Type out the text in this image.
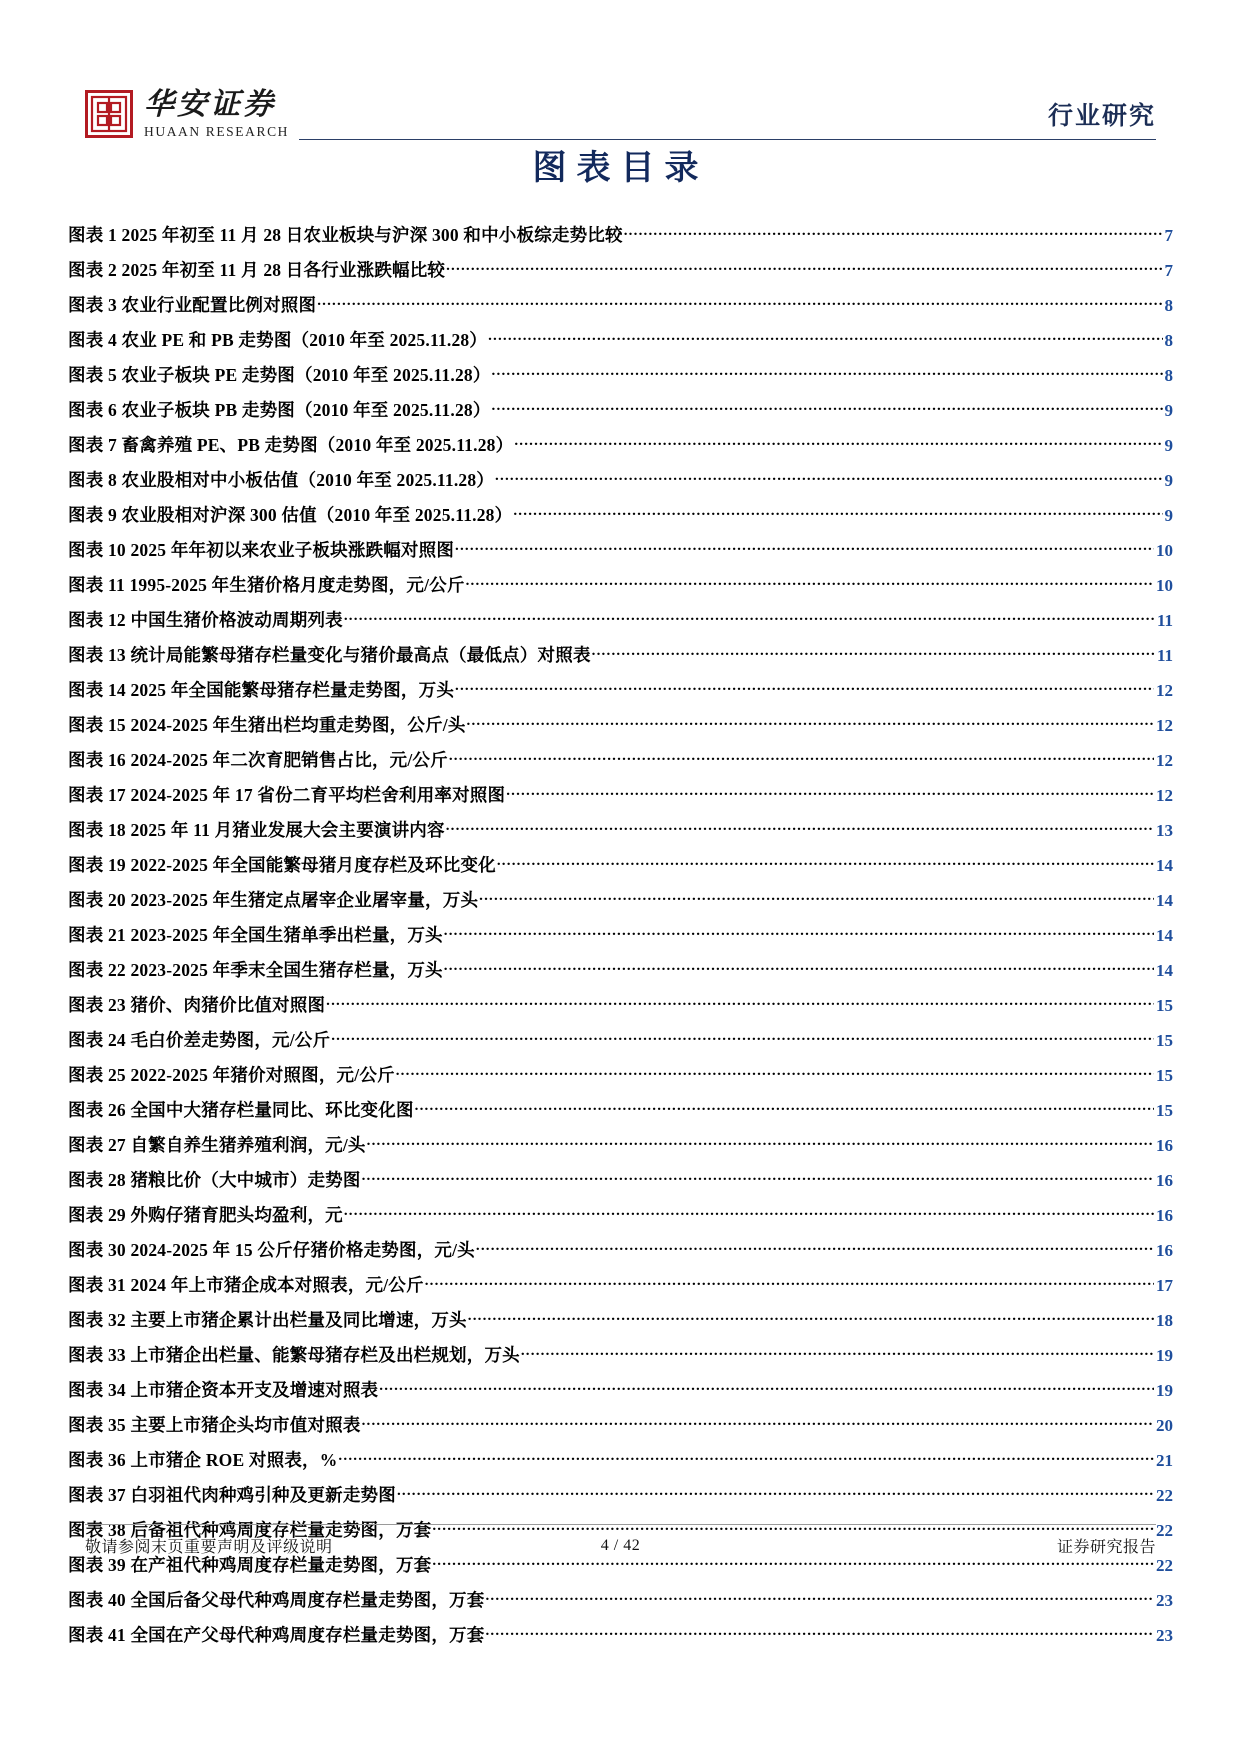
华安证券
HUAAN RESEARCH
行业研究
图表目录
图表 1 2025 年初至 11 月 28 日农业板块与沪深 300 和中小板综走势比较 .....	7
图表 2 2025 年初至 11 月 28 日各行业涨跌幅比较 .....	7
图表 3 农业行业配置比例对照图 .....	8
图表 4 农业 PE 和 PB 走势图（2010 年至 2025.11.28） .....	8
图表 5 农业子板块 PE 走势图（2010 年至 2025.11.28） .....	8
图表 6 农业子板块 PB 走势图（2010 年至 2025.11.28） .....	9
图表 7 畜禽养殖 PE、PB 走势图（2010 年至 2025.11.28） .....	9
图表 8 农业股相对中小板估值（2010 年至 2025.11.28） .....	9
图表 9 农业股相对沪深 300 估值（2010 年至 2025.11.28） .....	9
图表 10 2025 年年初以来农业子板块涨跌幅对照图 .....	10
图表 11 1995-2025 年生猪价格月度走势图，元/公斤 .....	10
图表 12 中国生猪价格波动周期列表 .....	11
图表 13 统计局能繁母猪存栏量变化与猪价最高点（最低点）对照表 .....	11
图表 14 2025 年全国能繁母猪存栏量走势图，万头 .....	12
图表 15 2024-2025 年生猪出栏均重走势图，公斤/头 .....	12
图表 16 2024-2025 年二次育肥销售占比，元/公斤 .....	12
图表 17 2024-2025 年 17 省份二育平均栏舍利用率对照图 .....	12
图表 18 2025 年 11 月猪业发展大会主要演讲内容 .....	13
图表 19 2022-2025 年全国能繁母猪月度存栏及环比变化 .....	14
图表 20 2023-2025 年生猪定点屠宰企业屠宰量，万头 .....	14
图表 21 2023-2025 年全国生猪单季出栏量，万头 .....	14
图表 22 2023-2025 年季末全国生猪存栏量，万头 .....	14
图表 23 猪价、肉猪价比值对照图 .....	15
图表 24 毛白价差走势图，元/公斤 .....	15
图表 25 2022-2025 年猪价对照图，元/公斤 .....	15
图表 26 全国中大猪存栏量同比、环比变化图 .....	15
图表 27 自繁自养生猪养殖利润，元/头 .....	16
图表 28 猪粮比价（大中城市）走势图 .....	16
图表 29 外购仔猪育肥头均盈利，元 .....	16
图表 30 2024-2025 年 15 公斤仔猪价格走势图，元/头 .....	16
图表 31 2024 年上市猪企成本对照表，元/公斤 .....	17
图表 32 主要上市猪企累计出栏量及同比增速，万头 .....	18
图表 33 上市猪企出栏量、能繁母猪存栏及出栏规划，万头 .....	19
图表 34 上市猪企资本开支及增速对照表 .....	19
图表 35 主要上市猪企头均市值对照表 .....	20
图表 36 上市猪企 ROE 对照表，% .....	21
图表 37 白羽祖代肉种鸡引种及更新走势图 .....	22
图表 38 后备祖代种鸡周度存栏量走势图，万套 .....	22
图表 39 在产祖代种鸡周度存栏量走势图，万套 .....	22
图表 40 全国后备父母代种鸡周度存栏量走势图，万套 .....	23
图表 41 全国在产父母代种鸡周度存栏量走势图，万套 .....	23
敬请参阅末页重要声明及评级说明	4 / 42	证券研究报告
